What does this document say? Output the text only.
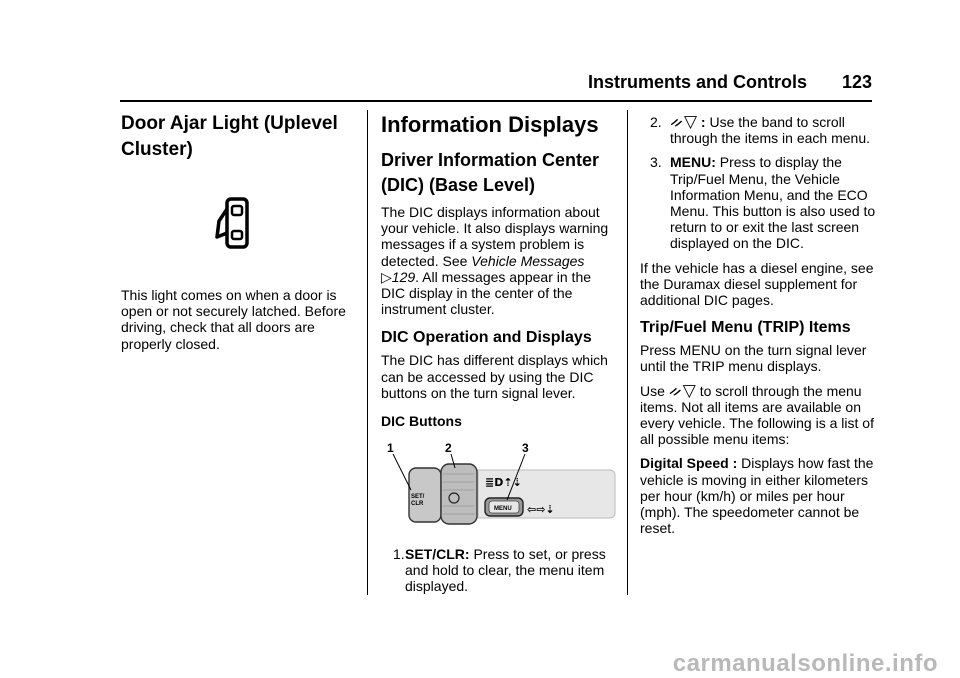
Instruments and Controls 123
Door Ajar Light (Uplevel Cluster)

This light comes on when a door is open or not securely latched. Before driving, check that all doors are properly closed.

Information Displays
Driver Information Center (DIC) (Base Level)

The DIC displays information about your vehicle. It also displays warning messages if a system problem is detected. See Vehicle Messages ▷129. All messages appear in the DIC display in the center of the instrument cluster.

DIC Operation and Displays

The DIC has different displays which can be accessed by using the DIC buttons on the turn signal lever.

DIC Buttons
SET/
CLR
MENU
≣D⇡⇣
⇦⇨⇣
1	2	3
1. SET/CLR: Press to set, or press and hold to clear, the menu item displayed.
2. ᨀ▽ : Use the band to scroll through the items in each menu.
3. MENU: Press to display the Trip/Fuel Menu, the Vehicle Information Menu, and the ECO Menu. This button is also used to return to or exit the last screen displayed on the DIC.

If the vehicle has a diesel engine, see the Duramax diesel supplement for additional DIC pages.

Trip/Fuel Menu (TRIP) Items

Press MENU on the turn signal lever until the TRIP menu displays.

Use ᨀ▽ to scroll through the menu items. Not all items are available on every vehicle. The following is a list of all possible menu items:

Digital Speed : Displays how fast the vehicle is moving in either kilometers per hour (km/h) or miles per hour (mph). The speedometer cannot be reset.

carmanualsonline.info
